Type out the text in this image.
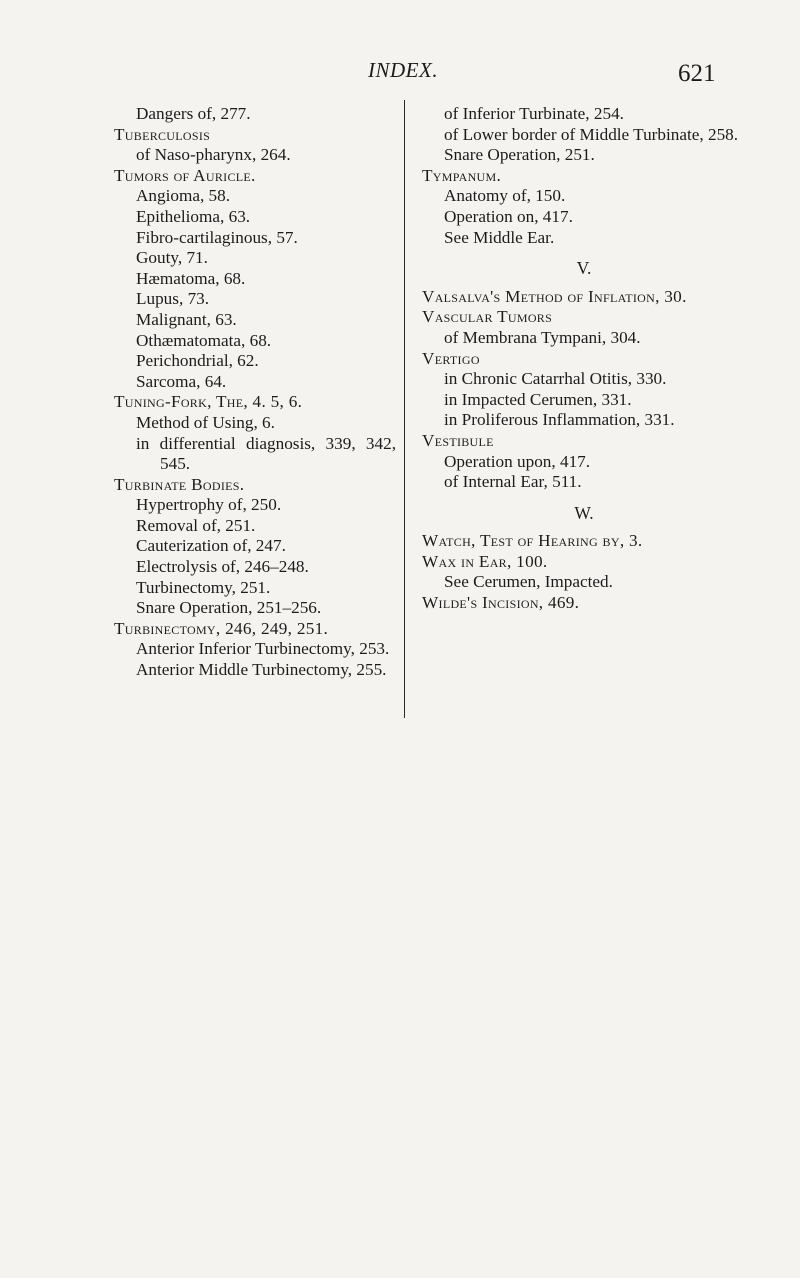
INDEX.	621
Dangers of, 277.
Tuberculosis
of Naso-pharynx, 264.
Tumors of Auricle.
Angioma, 58.
Epithelioma, 63.
Fibro-cartilaginous, 57.
Gouty, 71.
Hæmatoma, 68.
Lupus, 73.
Malignant, 63.
Othæmatomata, 68.
Perichondrial, 62.
Sarcoma, 64.
Tuning-Fork, The, 4. 5, 6.
Method of Using, 6.
in differential diagnosis, 339, 342, 545.
Turbinate Bodies.
Hypertrophy of, 250.
Removal of, 251.
Cauterization of, 247.
Electrolysis of, 246–248.
Turbinectomy, 251.
Snare Operation, 251–256.
Turbinectomy, 246, 249, 251.
Anterior Inferior Turbinectomy, 253.
Anterior Middle Turbinectomy, 255.
of Inferior Turbinate, 254.
of Lower border of Middle Turbinate, 258.
Snare Operation, 251.
Tympanum.
Anatomy of, 150.
Operation on, 417.
See Middle Ear.
V.
Valsalva's Method of Inflation, 30.
Vascular Tumors
of Membrana Tympani, 304.
Vertigo
in Chronic Catarrhal Otitis, 330.
in Impacted Cerumen, 331.
in Proliferous Inflammation, 331.
Vestibule
Operation upon, 417.
of Internal Ear, 511.
W.
Watch, Test of Hearing by, 3.
Wax in Ear, 100.
See Cerumen, Impacted.
Wilde's Incision, 469.
